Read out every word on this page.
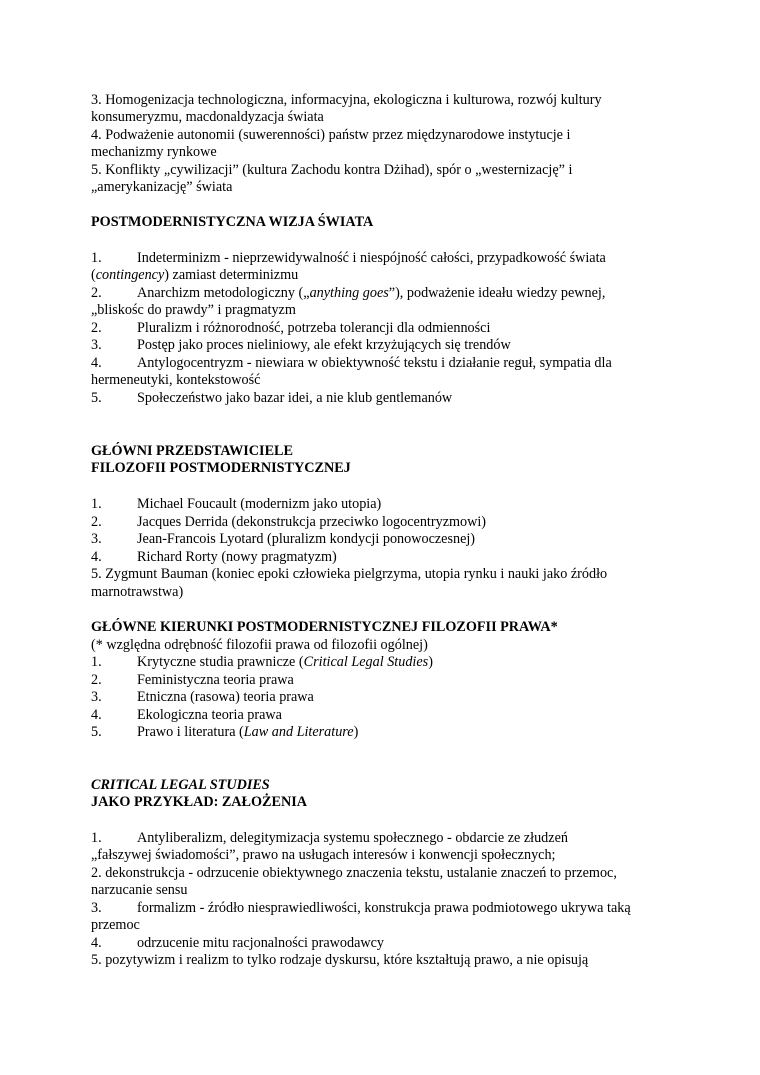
3. Homogenizacja technologiczna, informacyjna, ekologiczna i kulturowa, rozwój kultury
konsumeryzmu, macdonaldyzacja świata
4. Podważenie autonomii (suwerenności) państw przez międzynarodowe instytucje i
mechanizmy rynkowe
5. Konflikty „cywilizacji” (kultura Zachodu kontra Dżihad), spór o „westernizację” i
„amerykanizację” świata
POSTMODERNISTYCZNA WIZJA ŚWIATA
1. Indeterminizm - nieprzewidywalność i niespójność całości, przypadkowość świata
(contingency) zamiast determinizmu
2. Anarchizm metodologiczny („anything goes”), podważenie ideału wiedzy pewnej,
„bliskośc do prawdy” i pragmatyzm
2. Pluralizm i różnorodność, potrzeba tolerancji dla odmienności
3. Postęp jako proces nieliniowy, ale efekt krzyżujących się trendów
4. Antylogocentryzm - niewiara w obiektywność tekstu i działanie reguł, sympatia dla
hermeneutyki, kontekstowość
5. Społeczeństwo jako bazar idei, a nie klub gentlemanów
GŁÓWNI PRZEDSTAWICIELE
FILOZOFII POSTMODERNISTYCZNEJ
1. Michael Foucault (modernizm jako utopia)
2. Jacques Derrida (dekonstrukcja przeciwko logocentryzmowi)
3. Jean-Francois Lyotard (pluralizm kondycji ponowoczesnej)
4. Richard Rorty (nowy pragmatyzm)
5. Zygmunt Bauman (koniec epoki człowieka pielgrzyma, utopia rynku i nauki jako źródło
marnotrawstwa)
GŁÓWNE KIERUNKI POSTMODERNISTYCZNEJ FILOZOFII PRAWA*
(* względna odrębność filozofii prawa od filozofii ogólnej)
1. Krytyczne studia prawnicze (Critical Legal Studies)
2. Feministyczna teoria prawa
3. Etniczna (rasowa) teoria prawa
4. Ekologiczna teoria prawa
5. Prawo i literatura (Law and Literature)
CRITICAL LEGAL STUDIES
JAKO PRZYKŁAD: ZAŁOŻENIA
1. Antyliberalizm, delegitymizacja systemu społecznego - obdarcie ze złudzeń
„fałszywej świadomości”, prawo na usługach interesów i konwencji społecznych;
2. dekonstrukcja - odrzucenie obiektywnego znaczenia tekstu, ustalanie znaczeń to przemoc,
narzucanie sensu
3. formalizm - źródło niesprawiedliwości, konstrukcja prawa podmiotowego ukrywa taką
przemoc
4. odrzucenie mitu racjonalności prawodawcy
5. pozytywizm i realizm to tylko rodzaje dyskursu, które kształtują prawo, a nie opisują
